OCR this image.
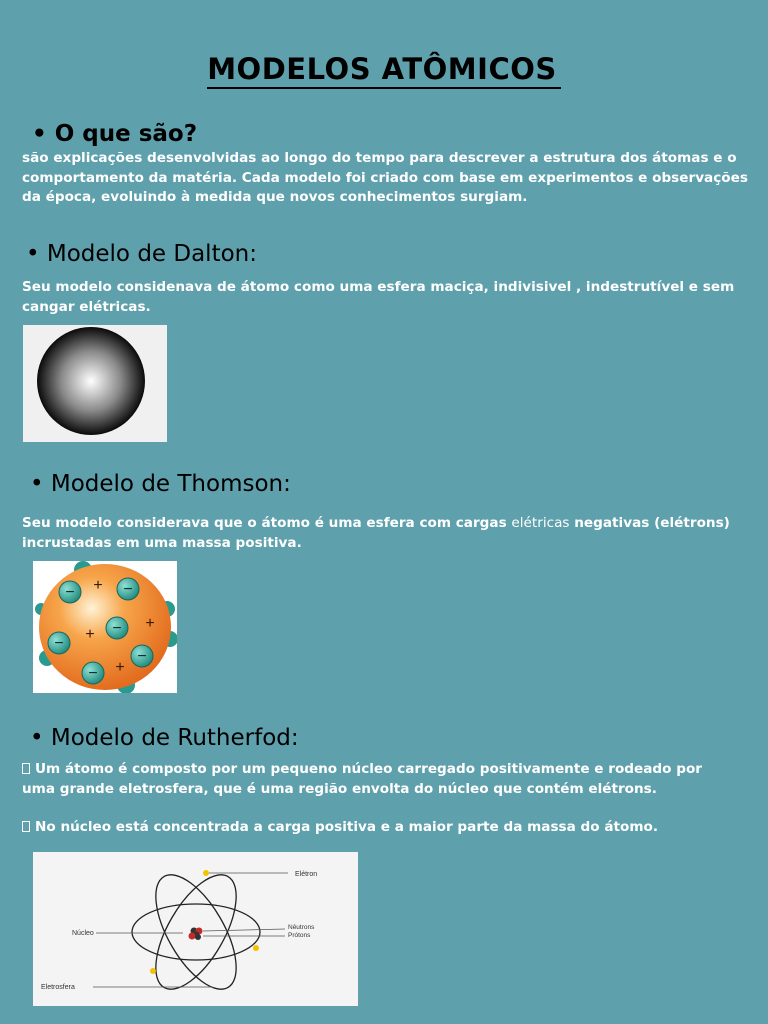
MODELOS ATÔMICOS
• O que são?
são explicações desenvolvidas ao longo do tempo para descrever a estrutura dos átomas e o comportamento da matéria. Cada modelo foi criado com base em experimentos e observações da época, evoluindo à medida que novos conhecimentos surgiam.
• Modelo de Dalton:
Seu modelo considenava de átomo como uma esfera maciça, indivisivel , indestrutível e sem cangar elétricas.
• Modelo de Thomson:
Seu modelo considerava que o átomo é uma esfera com cargas elétricas negativas (elétrons) incrustadas em uma massa positiva.
−	−
−
−
−
−
+
+
+
+
• Modelo de Rutherfod:
Um átomo é composto por um pequeno núcleo carregado positivamente e rodeado por uma grande eletrosfera, que é uma região envolta do núcleo que contém elétrons.
No núcleo está concentrada a carga positiva e a maior parte da massa do átomo.
Elétron
Nêutrons
Prótons
Núcleo
Eletrosfera
